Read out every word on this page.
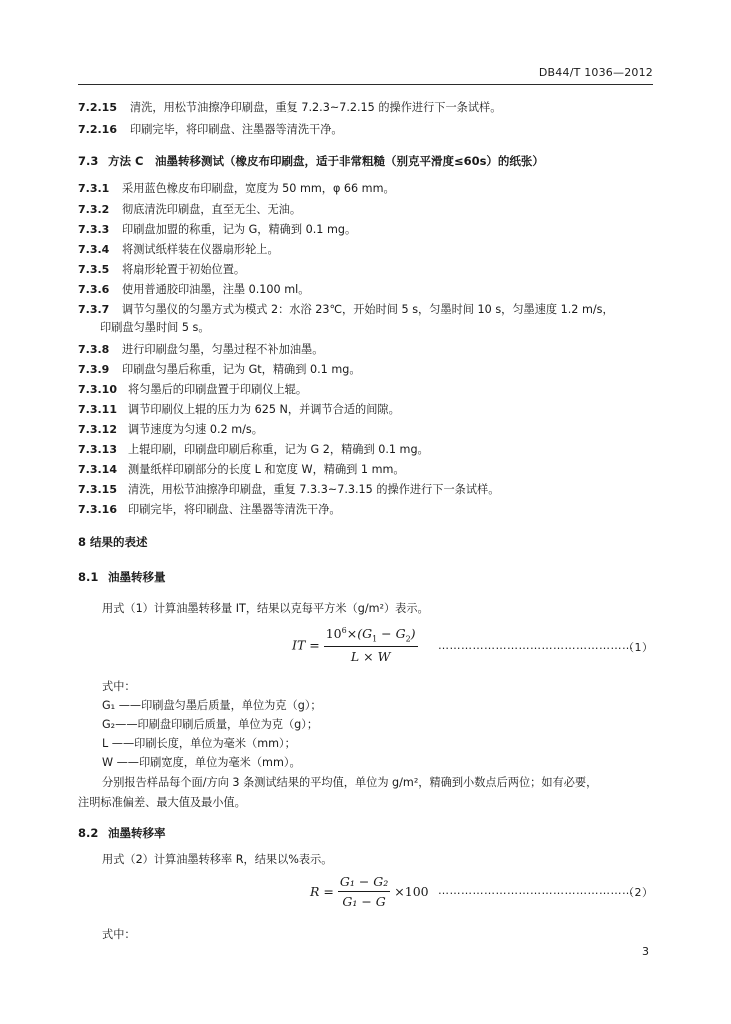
DB44/T 1036—2012
7.2.15 清洗，用松节油擦净印刷盘，重复 7.2.3~7.2.15 的操作进行下一条试样。
7.2.16 印刷完毕，将印刷盘、注墨器等清洗干净。
7.3 方法 C　油墨转移测试（橡皮布印刷盘，适于非常粗糙（别克平滑度≤60s）的纸张）
7.3.1 采用蓝色橡皮布印刷盘，宽度为 50 mm，φ 66 mm。
7.3.2 彻底清洗印刷盘，直至无尘、无油。
7.3.3 印刷盘加盟的称重，记为 G，精确到 0.1 mg。
7.3.4 将测试纸样装在仪器扇形轮上。
7.3.5 将扇形轮置于初始位置。
7.3.6 使用普通胶印油墨，注墨 0.100 ml。
7.3.7 调节匀墨仪的匀墨方式为模式 2：水浴 23℃，开始时间 5 s，匀墨时间 10 s，匀墨速度 1.2 m/s，
印刷盘匀墨时间 5 s。
7.3.8 进行印刷盘匀墨，匀墨过程不补加油墨。
7.3.9 印刷盘匀墨后称重，记为 Gt，精确到 0.1 mg。
7.3.10 将匀墨后的印刷盘置于印刷仪上辊。
7.3.11 调节印刷仪上辊的压力为 625 N，并调节合适的间隙。
7.3.12 调节速度为匀速 0.2 m/s。
7.3.13 上辊印刷，印刷盘印刷后称重，记为 G 2，精确到 0.1 mg。
7.3.14 测量纸样印刷部分的长度 L 和宽度 W，精确到 1 mm。
7.3.15 清洗，用松节油擦净印刷盘，重复 7.3.3~7.3.15 的操作进行下一条试样。
7.3.16 印刷完毕，将印刷盘、注墨器等清洗干净。
8 结果的表述
8.1 油墨转移量
用式（1）计算油墨转移量 IT，结果以克每平方米（g/m²）表示。
IT = $\frac{10^6\times(G_1 - G_2)}{L \times W}$ ……………………………………………
（1）
式中：
G₁ ——印刷盘匀墨后质量，单位为克（g）；
G₂——印刷盘印刷后质量，单位为克（g）；
L ——印刷长度，单位为毫米（mm）；
W ——印刷宽度，单位为毫米（mm）。
分别报告样品每个面/方向 3 条测试结果的平均值，单位为 g/m²，精确到小数点后两位；如有必要，
注明标准偏差、最大值及最小值。
8.2 油墨转移率
用式（2）计算油墨转移率 R，结果以%表示。
$R = \frac{\text{G₁ − G₂}}{\text{G₁ − G}} \times 100$ ……………………………………………
（2）
式中：
3
